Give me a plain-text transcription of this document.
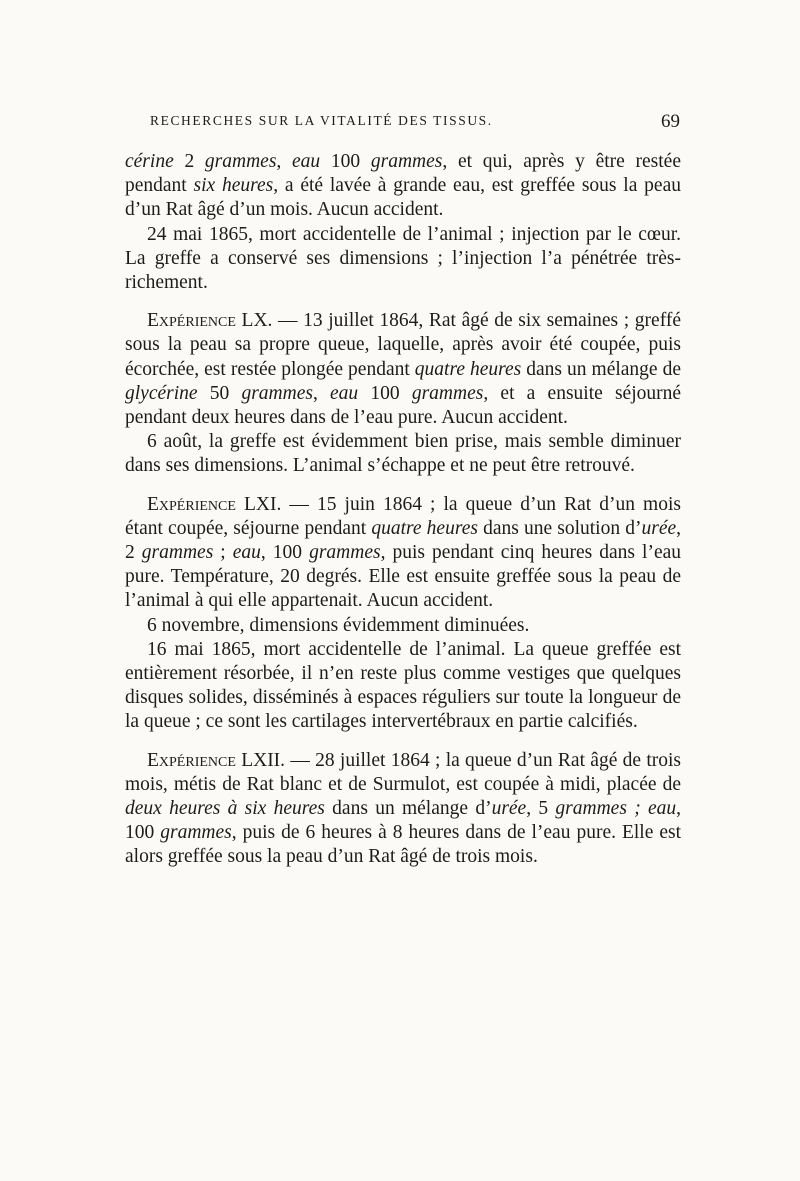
RECHERCHES SUR LA VITALITÉ DES TISSUS.	69

cérine 2 grammes, eau 100 grammes, et qui, après y être restée pendant six heures, a été lavée à grande eau, est greffée sous la peau d’un Rat âgé d’un mois. Aucun accident.

24 mai 1865, mort accidentelle de l’animal ; injection par le cœur. La greffe a conservé ses dimensions ; l’injection l’a pénétrée très-richement.

Expérience LX. — 13 juillet 1864, Rat âgé de six semaines ; greffé sous la peau sa propre queue, laquelle, après avoir été coupée, puis écorchée, est restée plongée pendant quatre heures dans un mélange de glycérine 50 grammes, eau 100 grammes, et a ensuite séjourné pendant deux heures dans de l’eau pure. Aucun accident.

6 août, la greffe est évidemment bien prise, mais semble diminuer dans ses dimensions. L’animal s’échappe et ne peut être retrouvé.

Expérience LXI. — 15 juin 1864 ; la queue d’un Rat d’un mois étant coupée, séjourne pendant quatre heures dans une solution d’urée, 2 grammes ; eau, 100 grammes, puis pendant cinq heures dans l’eau pure. Température, 20 degrés. Elle est ensuite greffée sous la peau de l’animal à qui elle appartenait. Aucun accident.

6 novembre, dimensions évidemment diminuées.

16 mai 1865, mort accidentelle de l’animal. La queue greffée est entièrement résorbée, il n’en reste plus comme vestiges que quelques disques solides, disséminés à espaces réguliers sur toute la longueur de la queue ; ce sont les cartilages intervertébraux en partie calcifiés.

Expérience LXII. — 28 juillet 1864 ; la queue d’un Rat âgé de trois mois, métis de Rat blanc et de Surmulot, est coupée à midi, placée de deux heures à six heures dans un mélange d’urée, 5 grammes ; eau, 100 grammes, puis de 6 heures à 8 heures dans de l’eau pure. Elle est alors greffée sous la peau d’un Rat âgé de trois mois.
